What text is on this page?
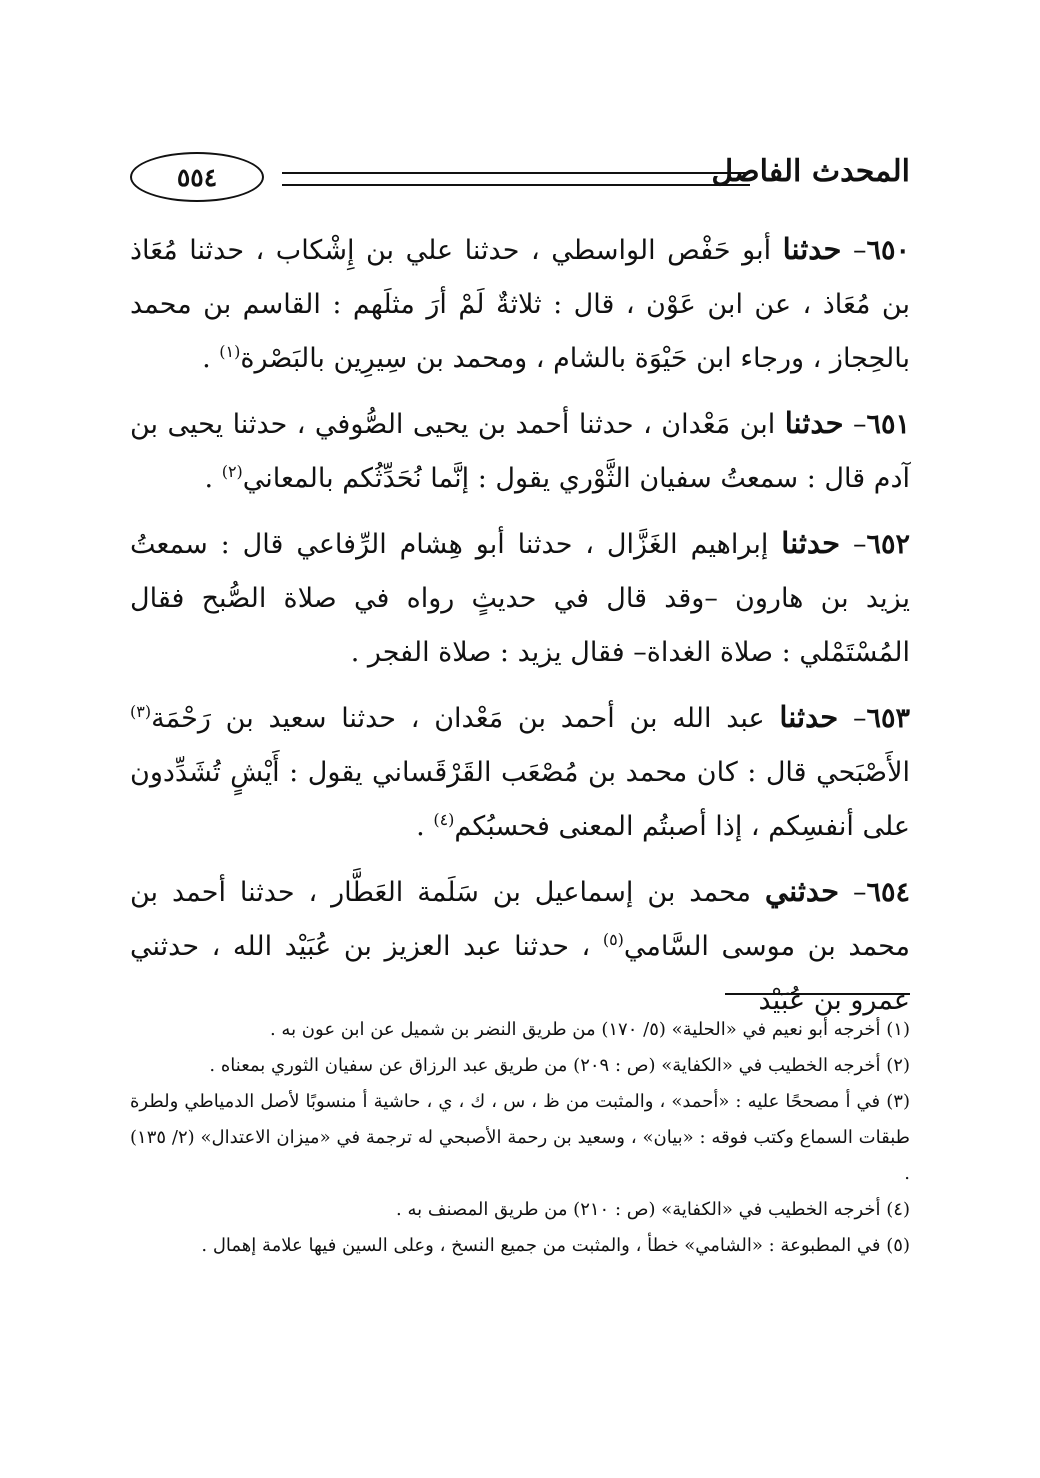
٥٥٤	المحدث الفاصل

٦٥٠– حدثنا أبو حَفْص الواسطي ، حدثنا علي بن إِشْكاب ، حدثنا مُعَاذ بن مُعَاذ ، عن ابن عَوْن ، قال : ثلاثةٌ لَمْ أرَ مثلَهم : القاسم بن محمد بالحِجاز ، ورجاء ابن حَيْوَة بالشام ، ومحمد بن سِيرِين بالبَصْرة$^{(١)}$ .

٦٥١– حدثنا ابن مَعْدان ، حدثنا أحمد بن يحيى الصُّوفي ، حدثنا يحيى بن آدم قال : سمعتُ سفيان الثَّوْري يقول : إنَّما نُحَدِّثُكم بالمعاني$^{(٢)}$ .

٦٥٢– حدثنا إبراهيم الغَزَّال ، حدثنا أبو هِشام الرِّفاعي قال : سمعتُ يزيد بن هارون –وقد قال في حديثٍ رواه في صلاة الصُّبح فقال المُسْتَمْلي : صلاة الغداة– فقال يزيد : صلاة الفجر .

٦٥٣– حدثنا عبد الله بن أحمد بن مَعْدان ، حدثنا سعيد بن رَحْمَة$^{(٣)}$ الأَصْبَحي قال : كان محمد بن مُصْعَب القَرْقَساني يقول : أَيْشٍ تُشَدِّدون على أنفسِكم ، إذا أصبتُم المعنى فحسبُكم$^{(٤)}$ .

٦٥٤– حدثني محمد بن إسماعيل بن سَلَمة العَطَّار ، حدثنا أحمد بن محمد بن موسى السَّامي$^{(٥)}$ ، حدثنا عبد العزيز بن عُبَيْد الله ، حدثني عمرو بن عُبَيْد

(١) أخرجه أبو نعيم في «الحلية» (٥/ ١٧٠) من طريق النضر بن شميل عن ابن عون به .

(٢) أخرجه الخطيب في «الكفاية» (ص : ٢٠٩) من طريق عبد الرزاق عن سفيان الثوري بمعناه .

(٣) في أ مصححًا عليه : «أحمد» ، والمثبت من ظ ، س ، ك ، ي ، حاشية أ منسوبًا لأصل الدمياطي ولطرة طبقات السماع وكتب فوقه : «بيان» ، وسعيد بن رحمة الأصبحي له ترجمة في «ميزان الاعتدال» (٢/ ١٣٥) .

(٤) أخرجه الخطيب في «الكفاية» (ص : ٢١٠) من طريق المصنف به .

(٥) في المطبوعة : «الشامي» خطأ ، والمثبت من جميع النسخ ، وعلى السين فيها علامة إهمال .
